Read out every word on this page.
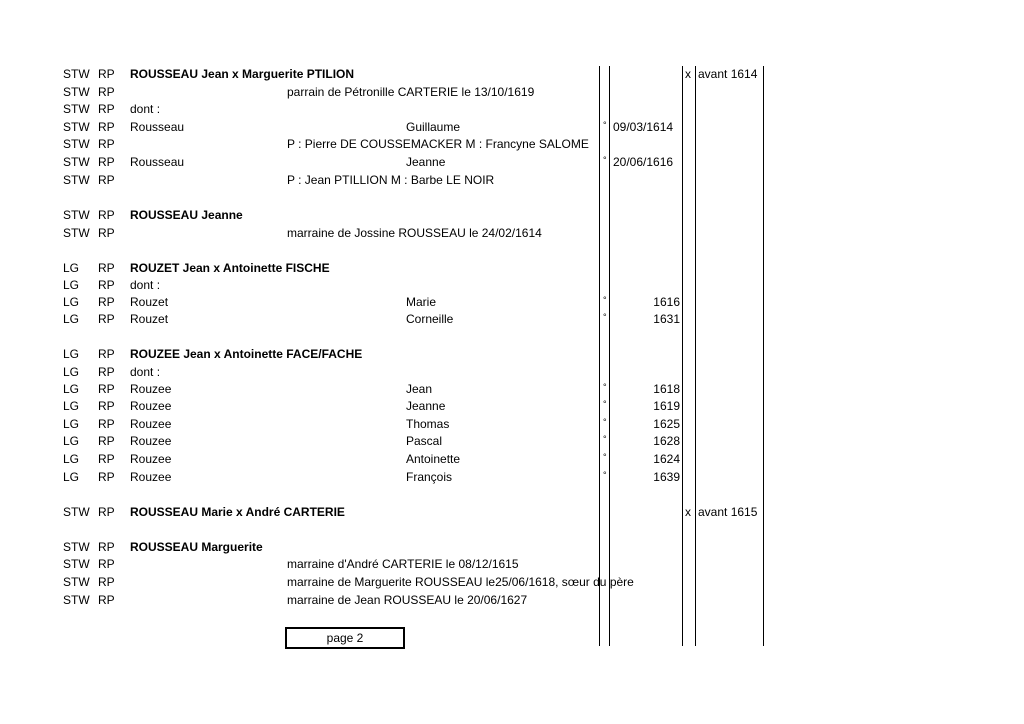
STW RP ROUSSEAU Jean x Marguerite PTILION	x avant 1614
STW RP	parrain de Pétronille CARTERIE le 13/10/1619
STW RP dont :
STW RP Rousseau	Guillaume	° 09/03/1614
STW RP	P : Pierre DE COUSSEMACKER M : Francyne SALOME
STW RP Rousseau	Jeanne	° 20/06/1616
STW RP	P : Jean PTILLION M : Barbe LE NOIR
STW RP ROUSSEAU Jeanne
STW RP	marraine de Jossine ROUSSEAU le 24/02/1614
LG RP ROUZET Jean x Antoinette FISCHE
LG RP dont :
LG RP Rouzet	Marie	°	1616
LG RP Rouzet	Corneille	°	1631
LG RP ROUZEE Jean x Antoinette FACE/FACHE
LG RP dont :
LG RP Rouzee	Jean	°	1618
LG RP Rouzee	Jeanne	°	1619
LG RP Rouzee	Thomas	°	1625
LG RP Rouzee	Pascal	°	1628
LG RP Rouzee	Antoinette	°	1624
LG RP Rouzee	François	°	1639
STW RP ROUSSEAU Marie x André CARTERIE	x avant 1615
STW RP ROUSSEAU Marguerite
STW RP	marraine d'André CARTERIE le 08/12/1615
STW RP	marraine de Marguerite ROUSSEAU le25/06/1618, sœur du père
STW RP	marraine de Jean ROUSSEAU le 20/06/1627
page 2
